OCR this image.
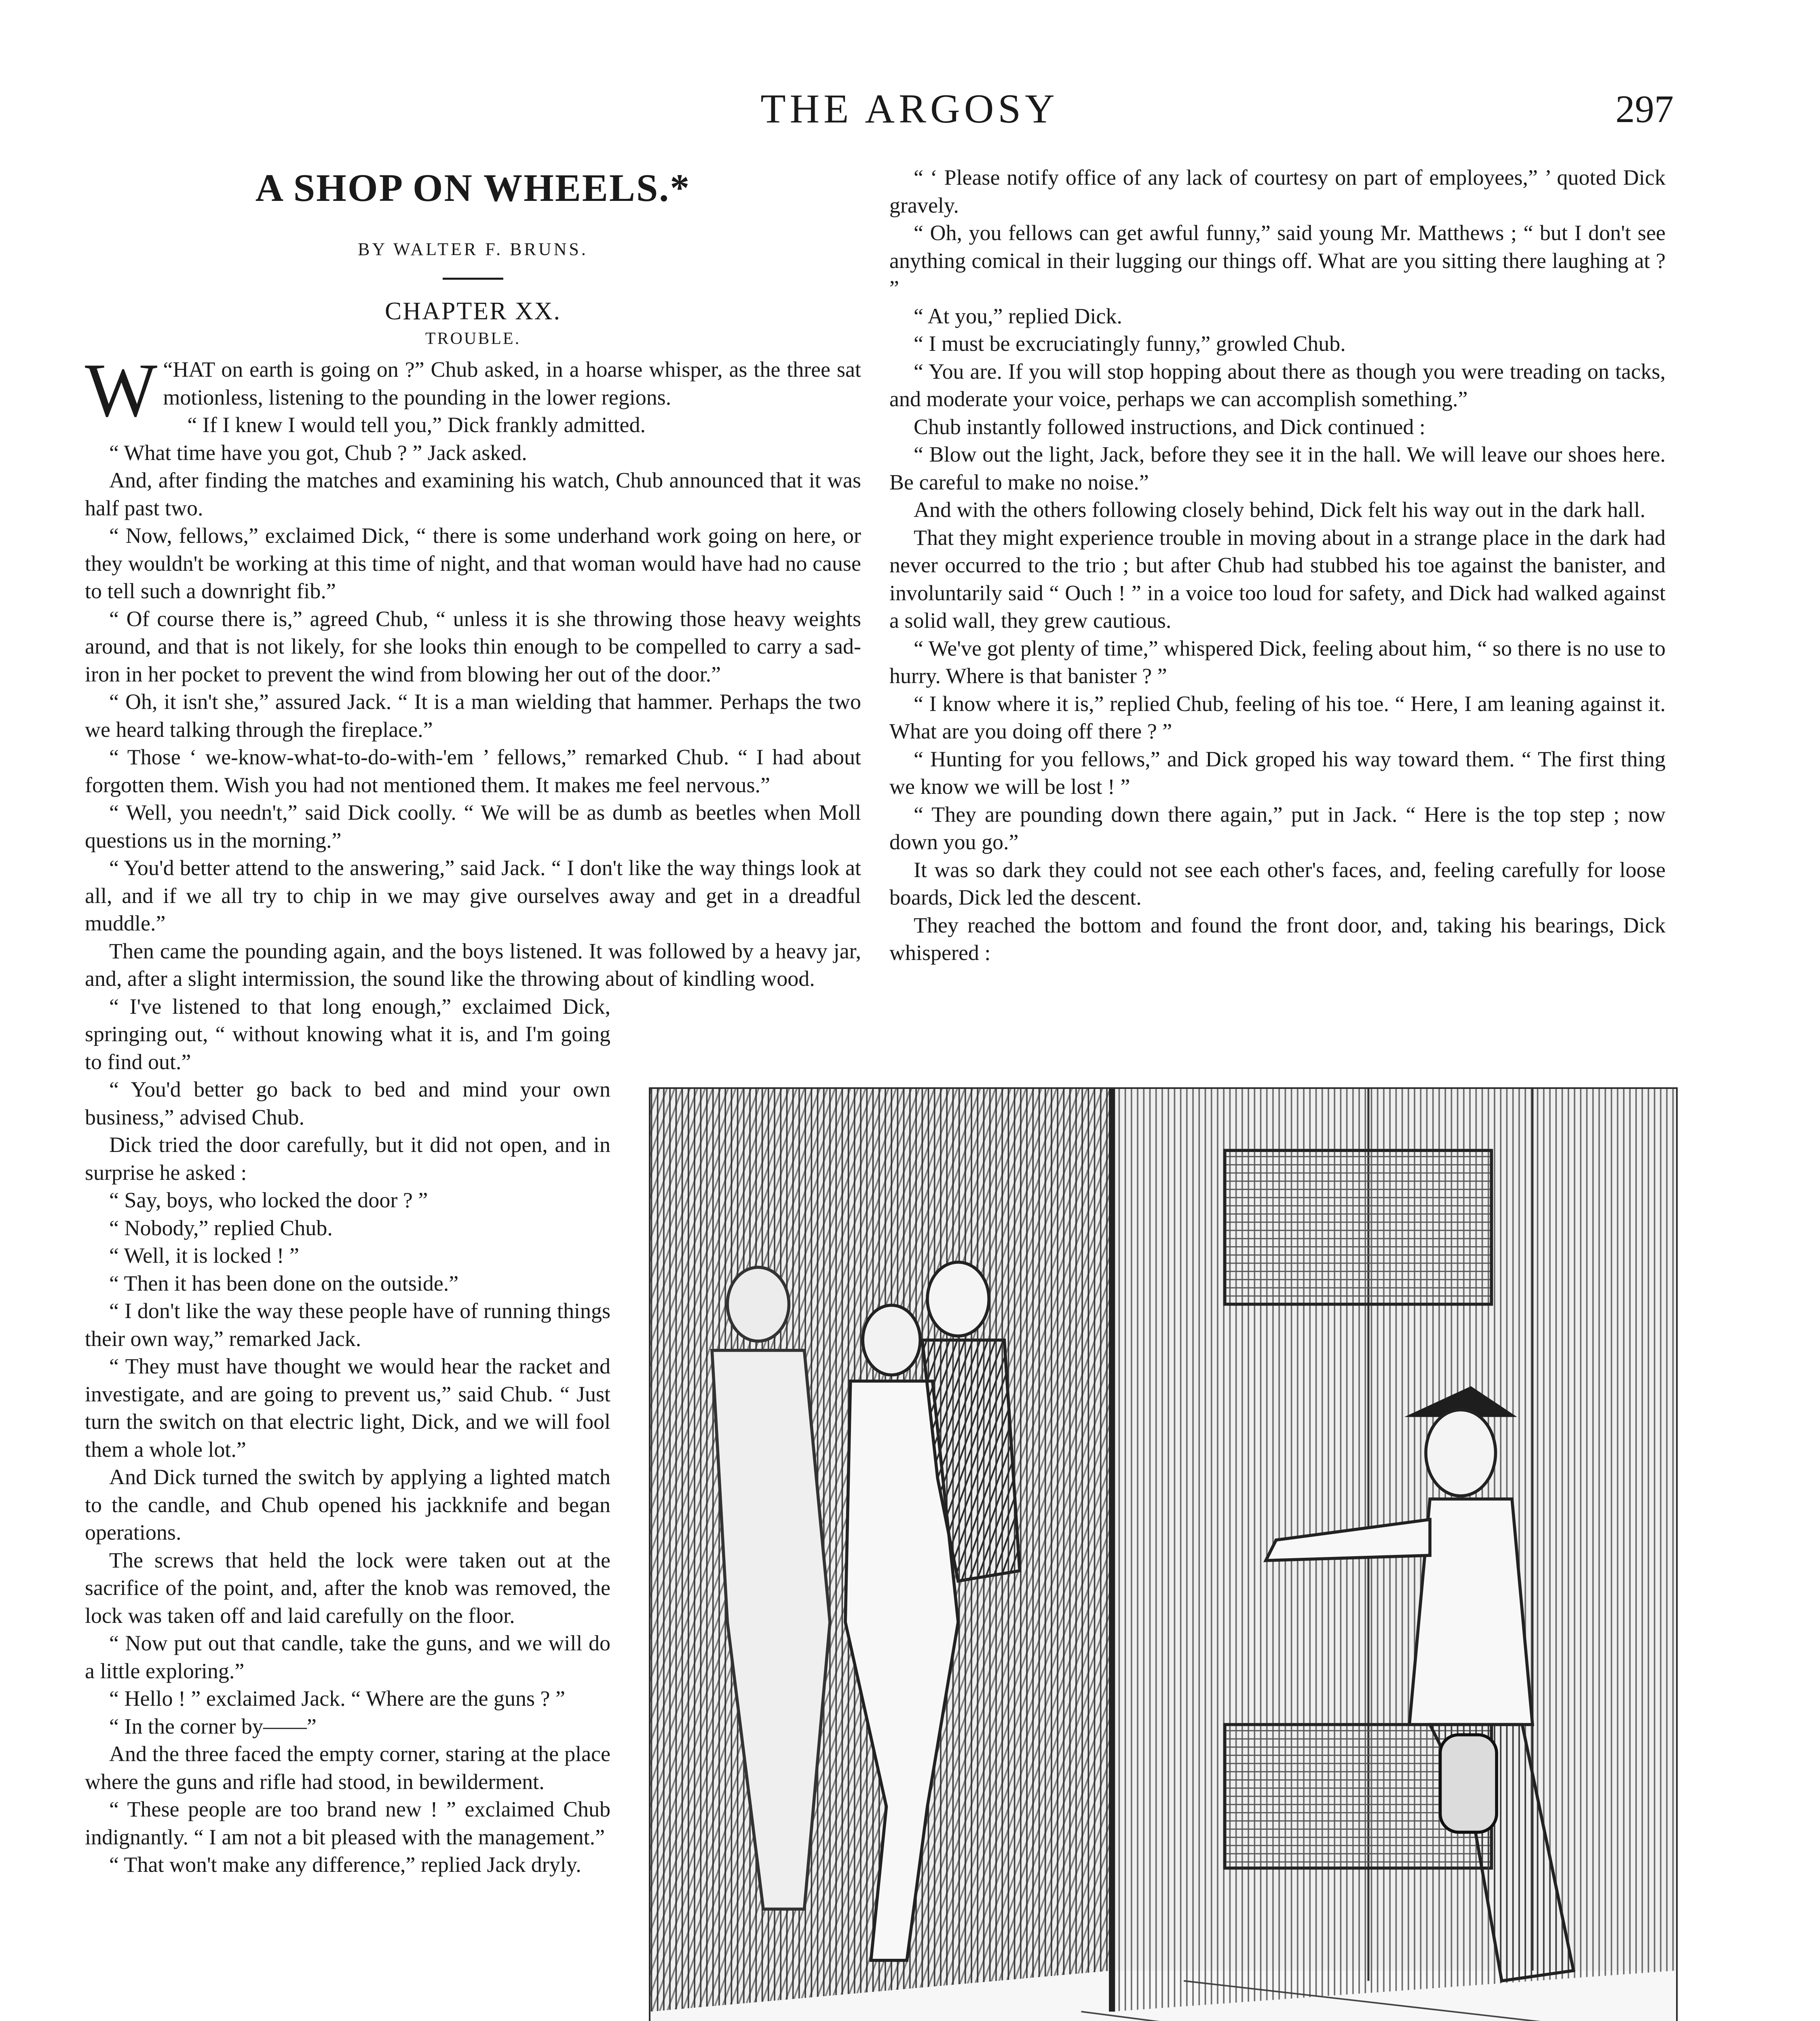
THE ARGOSY	297
A SHOP ON WHEELS.*
BY WALTER F. BRUNS.
CHAPTER XX.
TROUBLE.

“
W HAT on earth is going on ?” Chub asked, in a hoarse whisper, as the three sat motionless, listening to the pounding in the lower regions.

“ If I knew I would tell you,” Dick frankly admitted.

“ What time have you got, Chub ? ” Jack asked.

And, after finding the matches and examining his watch, Chub announced that it was half past two.

“ Now, fellows,” exclaimed Dick, “ there is some underhand work going on here, or they wouldn't be working at this time of night, and that woman would have had no cause to tell such a downright fib.”

“ Of course there is,” agreed Chub, “ unless it is she throwing those heavy weights around, and that is not likely, for she looks thin enough to be compelled to carry a sad-iron in her pocket to prevent the wind from blowing her out of the door.”

“ Oh, it isn't she,” assured Jack. “ It is a man wielding that hammer. Perhaps the two we heard talking through the fireplace.”

“ Those ‘ we-know-what-to-do-with-'em ’ fellows,” remarked Chub. “ I had about forgotten them. Wish you had not mentioned them. It makes me feel nervous.”

“ Well, you needn't,” said Dick coolly. “ We will be as dumb as beetles when Moll questions us in the morning.”

“ You'd better attend to the answering,” said Jack. “ I don't like the way things look at all, and if we all try to chip in we may give ourselves away and get in a dreadful muddle.”

Then came the pounding again, and the boys listened. It was followed by a heavy jar, and, after a slight intermission, the sound like the throwing about of kindling wood.

“ I've listened to that long enough,” exclaimed Dick, springing out, “ without knowing what it is, and I'm going to find out.”

“ You'd better go back to bed and mind your own business,” advised Chub.

Dick tried the door carefully, but it did not open, and in surprise he asked :

“ Say, boys, who locked the door ? ”

“ Nobody,” replied Chub.

“ Well, it is locked ! ”

“ Then it has been done on the outside.”

“ I don't like the way these people have of running things their own way,” remarked Jack.

“ They must have thought we would hear the racket and investigate, and are going to prevent us,” said Chub. “ Just turn the switch on that electric light, Dick, and we will fool them a whole lot.”

And Dick turned the switch by applying a lighted match to the candle, and Chub opened his jackknife and began operations.

The screws that held the lock were taken out at the sacrifice of the point, and, after the knob was removed, the lock was taken off and laid carefully on the floor.

“ Now put out that candle, take the guns, and we will do a little exploring.”

“ Hello ! ” exclaimed Jack. “ Where are the guns ? ”

“ In the corner by——”

And the three faced the empty corner, staring at the place where the guns and rifle had stood, in bewilderment.

“ These people are too brand new ! ” exclaimed Chub indignantly. “ I am not a bit pleased with the management.”

“ That won't make any difference,” replied Jack dryly.

“ ‘ Please notify office of any lack of courtesy on part of employees,” ’ quoted Dick gravely.

“ Oh, you fellows can get awful funny,” said young Mr. Matthews ; “ but I don't see anything comical in their lugging our things off. What are you sitting there laughing at ? ”

“ At you,” replied Dick.

“ I must be excruciatingly funny,” growled Chub.

“ You are. If you will stop hopping about there as though you were treading on tacks, and moderate your voice, perhaps we can accomplish something.”

Chub instantly followed instructions, and Dick continued :

“ Blow out the light, Jack, before they see it in the hall. We will leave our shoes here. Be careful to make no noise.”

And with the others following closely behind, Dick felt his way out in the dark hall.

That they might experience trouble in moving about in a strange place in the dark had never occurred to the trio ; but after Chub had stubbed his toe against the banister, and involuntarily said “ Ouch ! ” in a voice too loud for safety, and Dick had walked against a solid wall, they grew cautious.

“ We've got plenty of time,” whispered Dick, feeling about him, “ so there is no use to hurry. Where is that banister ? ”

“ I know where it is,” replied Chub, feeling of his toe. “ Here, I am leaning against it. What are you doing off there ? ”

“ Hunting for you fellows,” and Dick groped his way toward them. “ The first thing we know we will be lost ! ”

“ They are pounding down there again,” put in Jack. “ Here is the top step ; now down you go.”

It was so dark they could not see each other's faces, and, feeling carefully for loose boards, Dick led the descent.

They reached the bottom and found the front door, and, taking his bearings, Dick whispered :
